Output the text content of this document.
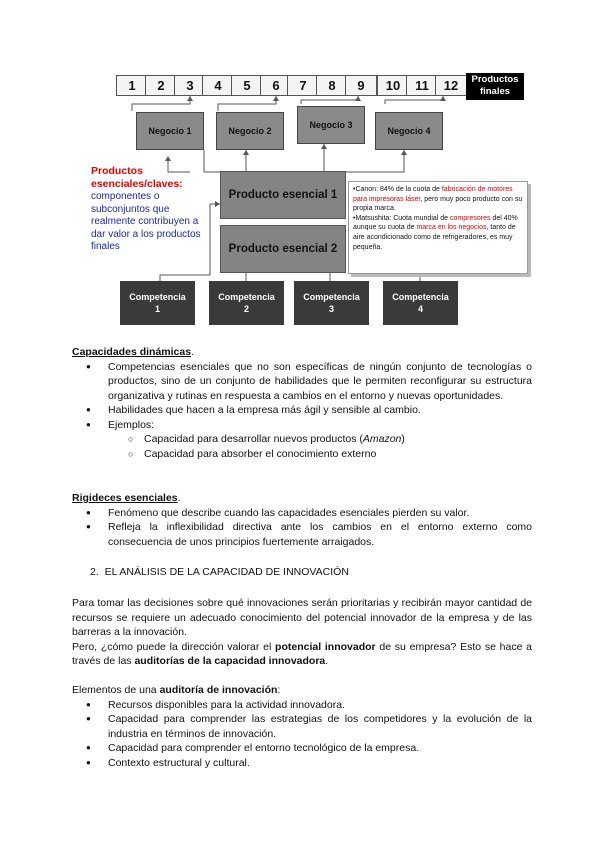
1	2	3	4	5	6	7	8	9	10	11	12	Productos finales
Negocio 1	Negocio 2
Negocio 3
Negocio 4
Producto esencial 1
Producto esencial 2
Productos esenciales/claves:
componentes o subconjuntos que realmente contribuyen a dar valor a los productos finales
•Canon: 84% de la cuota de fabricación de motores para impresoras láser, pero muy poco producto con su propia marca.
•Matsushita: Cuota mundial de compresores del 40% aunque su cuota de marca en los negocios, tanto de aire acondicionado como de refrigeradores, es muy pequeña.
Competencia
1
Competencia
2
Competencia
3
Competencia
4

Capacidades dinámicas.

● Competencias esenciales que no son específicas de ningún conjunto de tecnologías o productos, sino de un conjunto de habilidades que le permiten reconfigurar su estructura organizativa y rutinas en respuesta a cambios en el entorno y nuevas oportunidades.
● Habilidades que hacen a la empresa más ágil y sensible al cambio.
● Ejemplos:
○ Capacidad para desarrollar nuevos productos (Amazon)
○ Capacidad para absorber el conocimiento externo

Rigideces esenciales.

● Fenómeno que describe cuando las capacidades esenciales pierden su valor.
● Refleja la inflexibilidad directiva ante los cambios en el entorno externo como consecuencia de unos principios fuertemente arraigados.

2. EL ANÁLISIS DE LA CAPACIDAD DE INNOVACIÓN

Para tomar las decisiones sobre qué innovaciones serán prioritarias y recibirán mayor cantidad de recursos se requiere un adecuado conocimiento del potencial innovador de la empresa y de las barreras a la innovación.

Pero, ¿cómo puede la dirección valorar el potencial innovador de su empresa? Esto se hace a través de las auditorías de la capacidad innovadora.

Elementos de una auditoría de innovación:

● Recursos disponibles para la actividad innovadora.
● Capacidad para comprender las estrategias de los competidores y la evolución de la industria en términos de innovación.
● Capacidad para comprender el entorno tecnológico de la empresa.
● Contexto estructural y cultural.
